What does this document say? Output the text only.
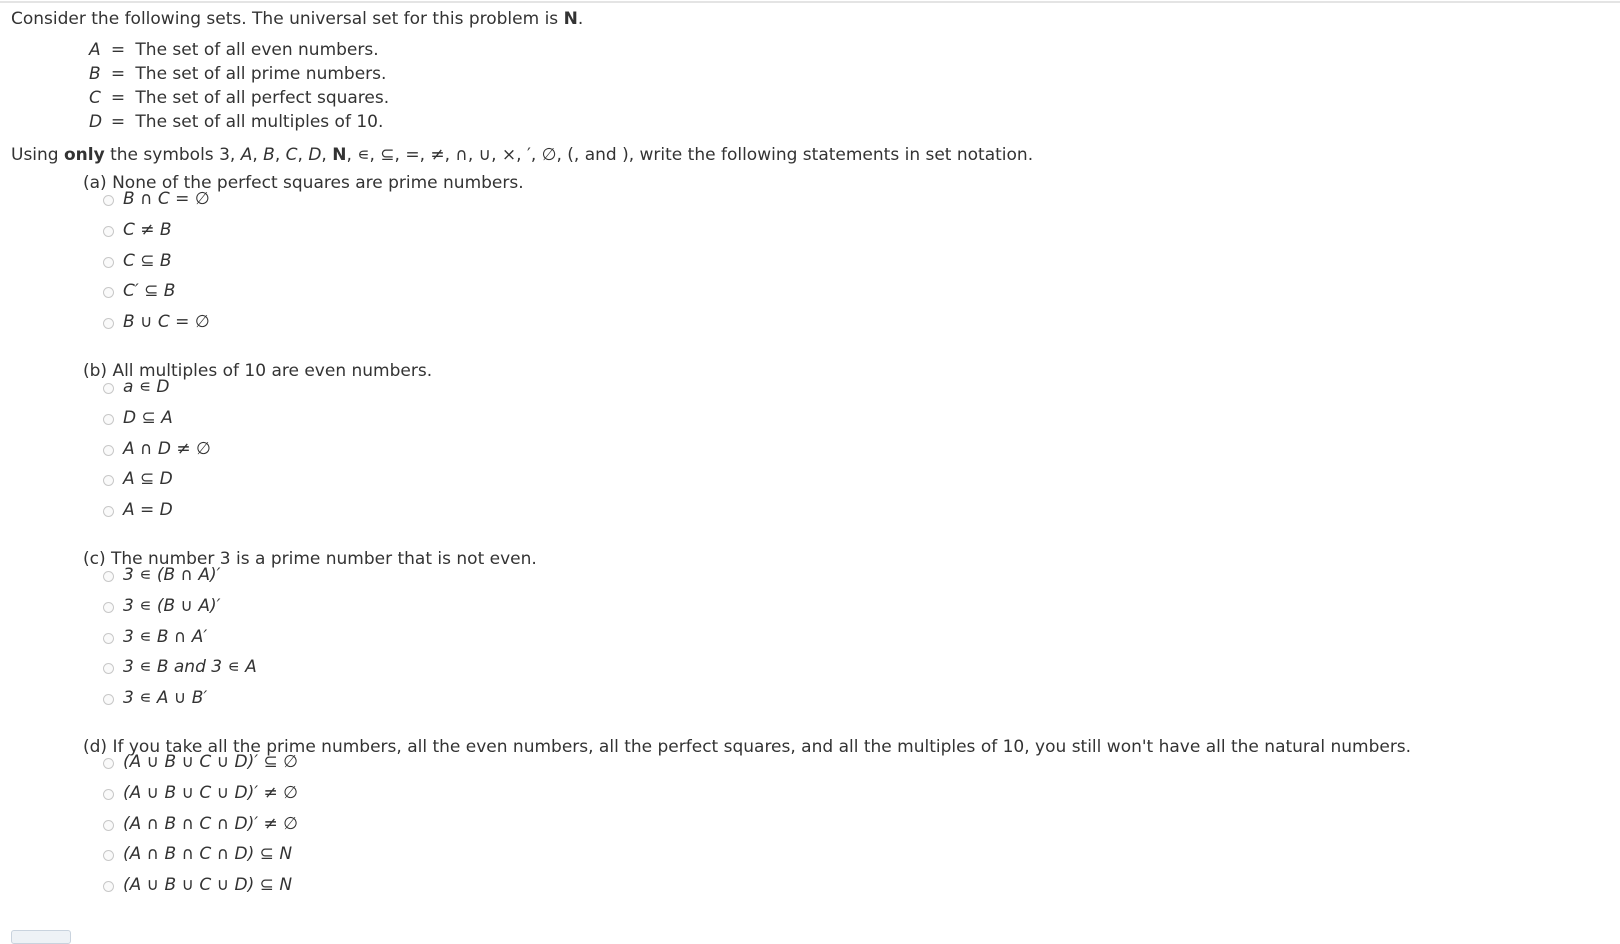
Consider the following sets. The universal set for this problem is N.
A = The set of all even numbers.
B = The set of all prime numbers.
C = The set of all perfect squares.
D = The set of all multiples of 10.
Using only the symbols 3, A, B, C, D, N, ∊, ⊆, =, ≠, ∩, ∪, ×, ′, ∅, (, and ), write the following statements in set notation.
(a) None of the perfect squares are prime numbers.
B ∩ C = ∅
C ≠ B
C ⊆ B
C′ ⊆ B
B ∪ C = ∅
(b) All multiples of 10 are even numbers.
a ∊ D
D ⊆ A
A ∩ D ≠ ∅
A ⊆ D
A = D
(c) The number 3 is a prime number that is not even.
3 ∊ (B ∩ A)′
3 ∊ (B ∪ A)′
3 ∊ B ∩ A′
3 ∊ B and 3 ∊ A
3 ∊ A ∪ B′
(d) If you take all the prime numbers, all the even numbers, all the perfect squares, and all the multiples of 10, you still won't have all the natural numbers.
(A ∪ B ∪ C ∪ D)′ ⊆ ∅
(A ∪ B ∪ C ∪ D)′ ≠ ∅
(A ∩ B ∩ C ∩ D)′ ≠ ∅
(A ∩ B ∩ C ∩ D) ⊆ N
(A ∪ B ∪ C ∪ D) ⊆ N
